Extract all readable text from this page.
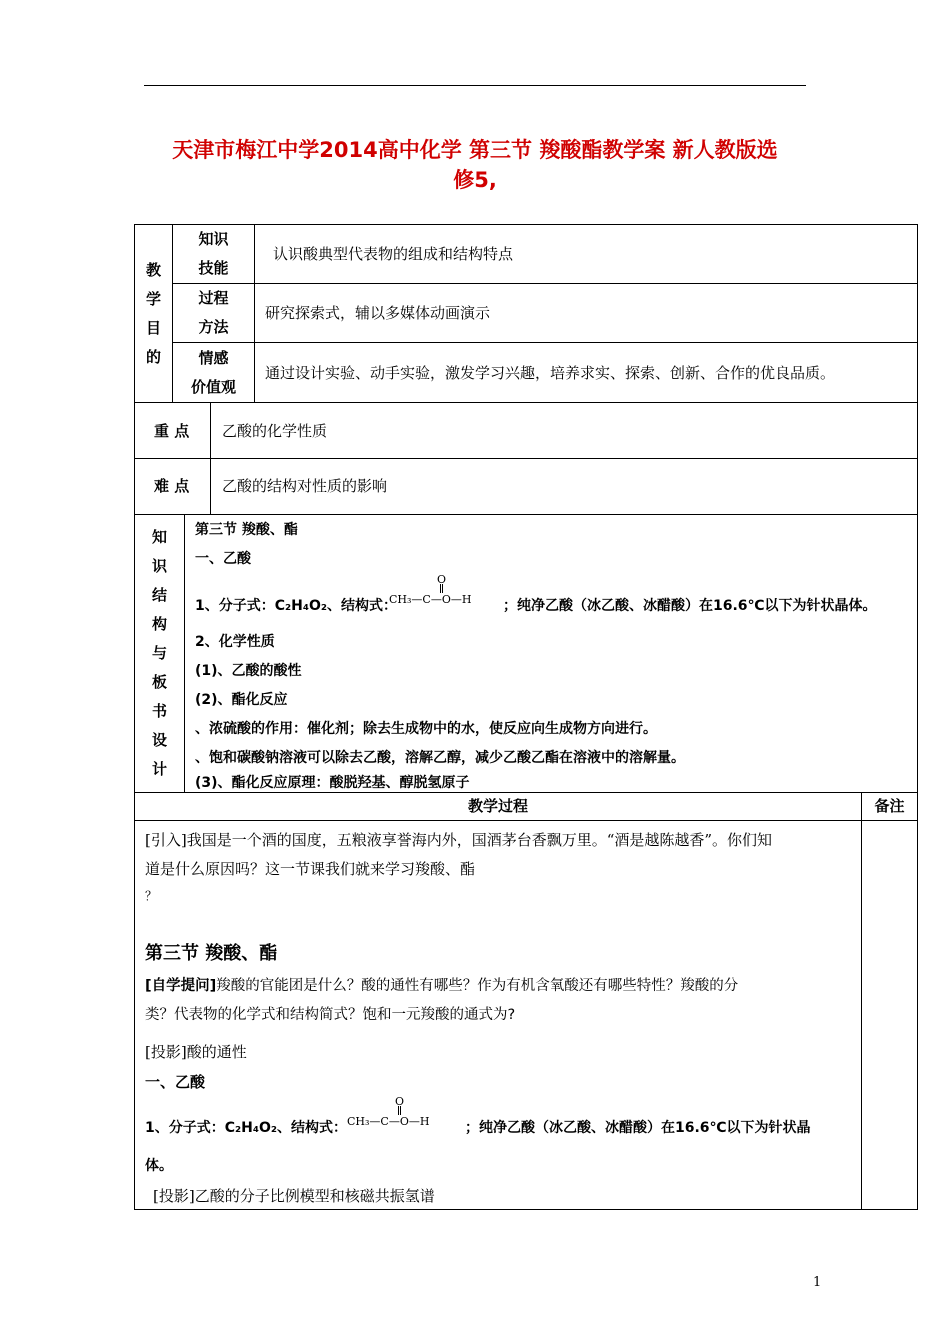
天津市梅江中学2014高中化学 第三节 羧酸酯教学案 新人教版选
修5,
教
学
目
的
知识
技能
认识酸典型代表物的组成和结构特点
过程
方法
研究探索式，辅以多媒体动画演示
情感
价值观
通过设计实验、动手实验，激发学习兴趣，培养求实、探索、创新、合作的优良品质。
重 点 乙酸的化学性质
难 点 乙酸的结构对性质的影响
知
识
结
构
与
板
书
设
计
第三节 羧酸、酯
一、乙酸
1、分子式：C₂H₄O₂、结构式：
O
CH₃—C—O—H ；纯净乙酸（冰乙酸、冰醋酸）在16.6℃以下为针状晶体。
2、化学性质
(1)、乙酸的酸性
(2)、酯化反应
、浓硫酸的作用：催化剂；除去生成物中的水，使反应向生成物方向进行。
、饱和碳酸钠溶液可以除去乙酸，溶解乙醇，减少乙酸乙酯在溶液中的溶解量。
(3)、酯化反应原理：酸脱羟基、醇脱氢原子
教学过程	备注
[引入]我国是一个酒的国度，五粮液享誉海内外，国酒茅台香飘万里。“酒是越陈越香”。你们知
道是什么原因吗？这一节课我们就来学习羧酸、酯
？
第三节 羧酸、酯
[自学提问]羧酸的官能团是什么？酸的通性有哪些？作为有机含氧酸还有哪些特性？羧酸的分
类？代表物的化学式和结构简式？饱和一元羧酸的通式为?
[投影]酸的通性
一、乙酸
1、分子式：C₂H₄O₂、结构式：
O
CH₃—C—O—H	；纯净乙酸（冰乙酸、冰醋酸）在16.6℃以下为针状晶
体。
[投影]乙酸的分子比例模型和核磁共振氢谱
1
